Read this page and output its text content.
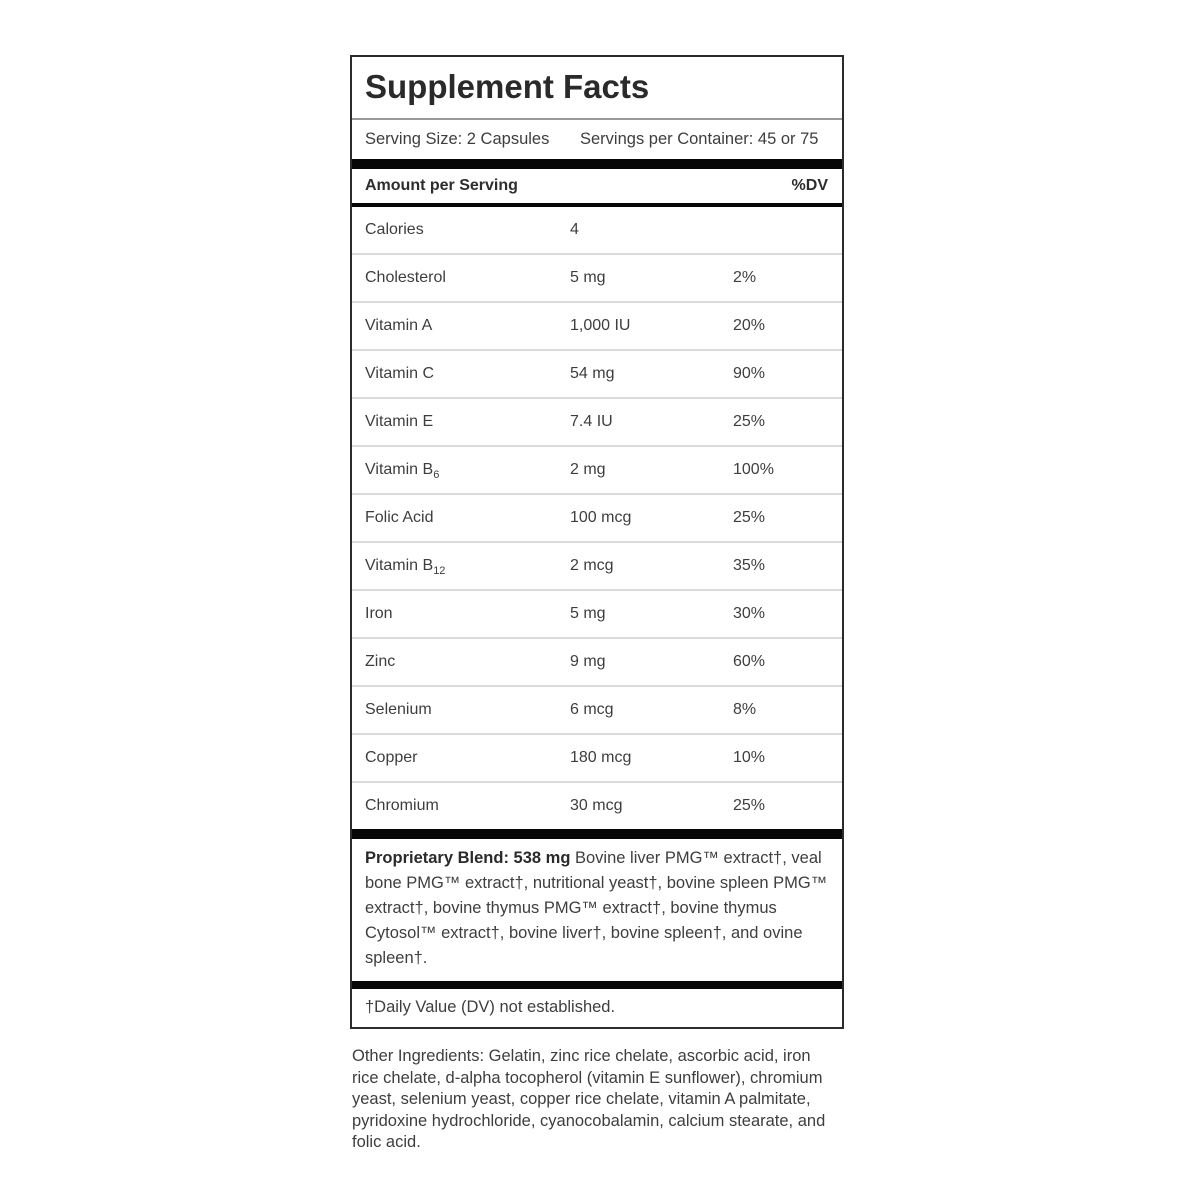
Supplement Facts
Serving Size: 2 Capsules	Servings per Container: 45 or 75
Amount per Serving	%DV
Calories	4
Cholesterol	5 mg	2%
Vitamin A	1,000 IU	20%
Vitamin C	54 mg	90%
Vitamin E	7.4 IU	25%
Vitamin $B_6$	2 mg	100%
Folic Acid	100 mcg	25%
Vitamin $B_{12}$	2 mcg	35%
Iron	5 mg	30%
Zinc	9 mg	60%
Selenium	6 mcg	8%
Copper	180 mcg	10%
Chromium	30 mcg	25%
Proprietary Blend: 538 mg Bovine liver PMG™ extract†, veal bone PMG™ extract†, nutritional yeast†, bovine spleen PMG™ extract†, bovine thymus PMG™ extract†, bovine thymus Cytosol™ extract†, bovine liver†, bovine spleen†, and ovine spleen†.
†Daily Value (DV) not established.
Other Ingredients: Gelatin, zinc rice chelate, ascorbic acid, iron rice chelate, d-alpha tocopherol (vitamin E sunflower), chromium yeast, selenium yeast, copper rice chelate, vitamin A palmitate, pyridoxine hydrochloride, cyanocobalamin, calcium stearate, and folic acid.
